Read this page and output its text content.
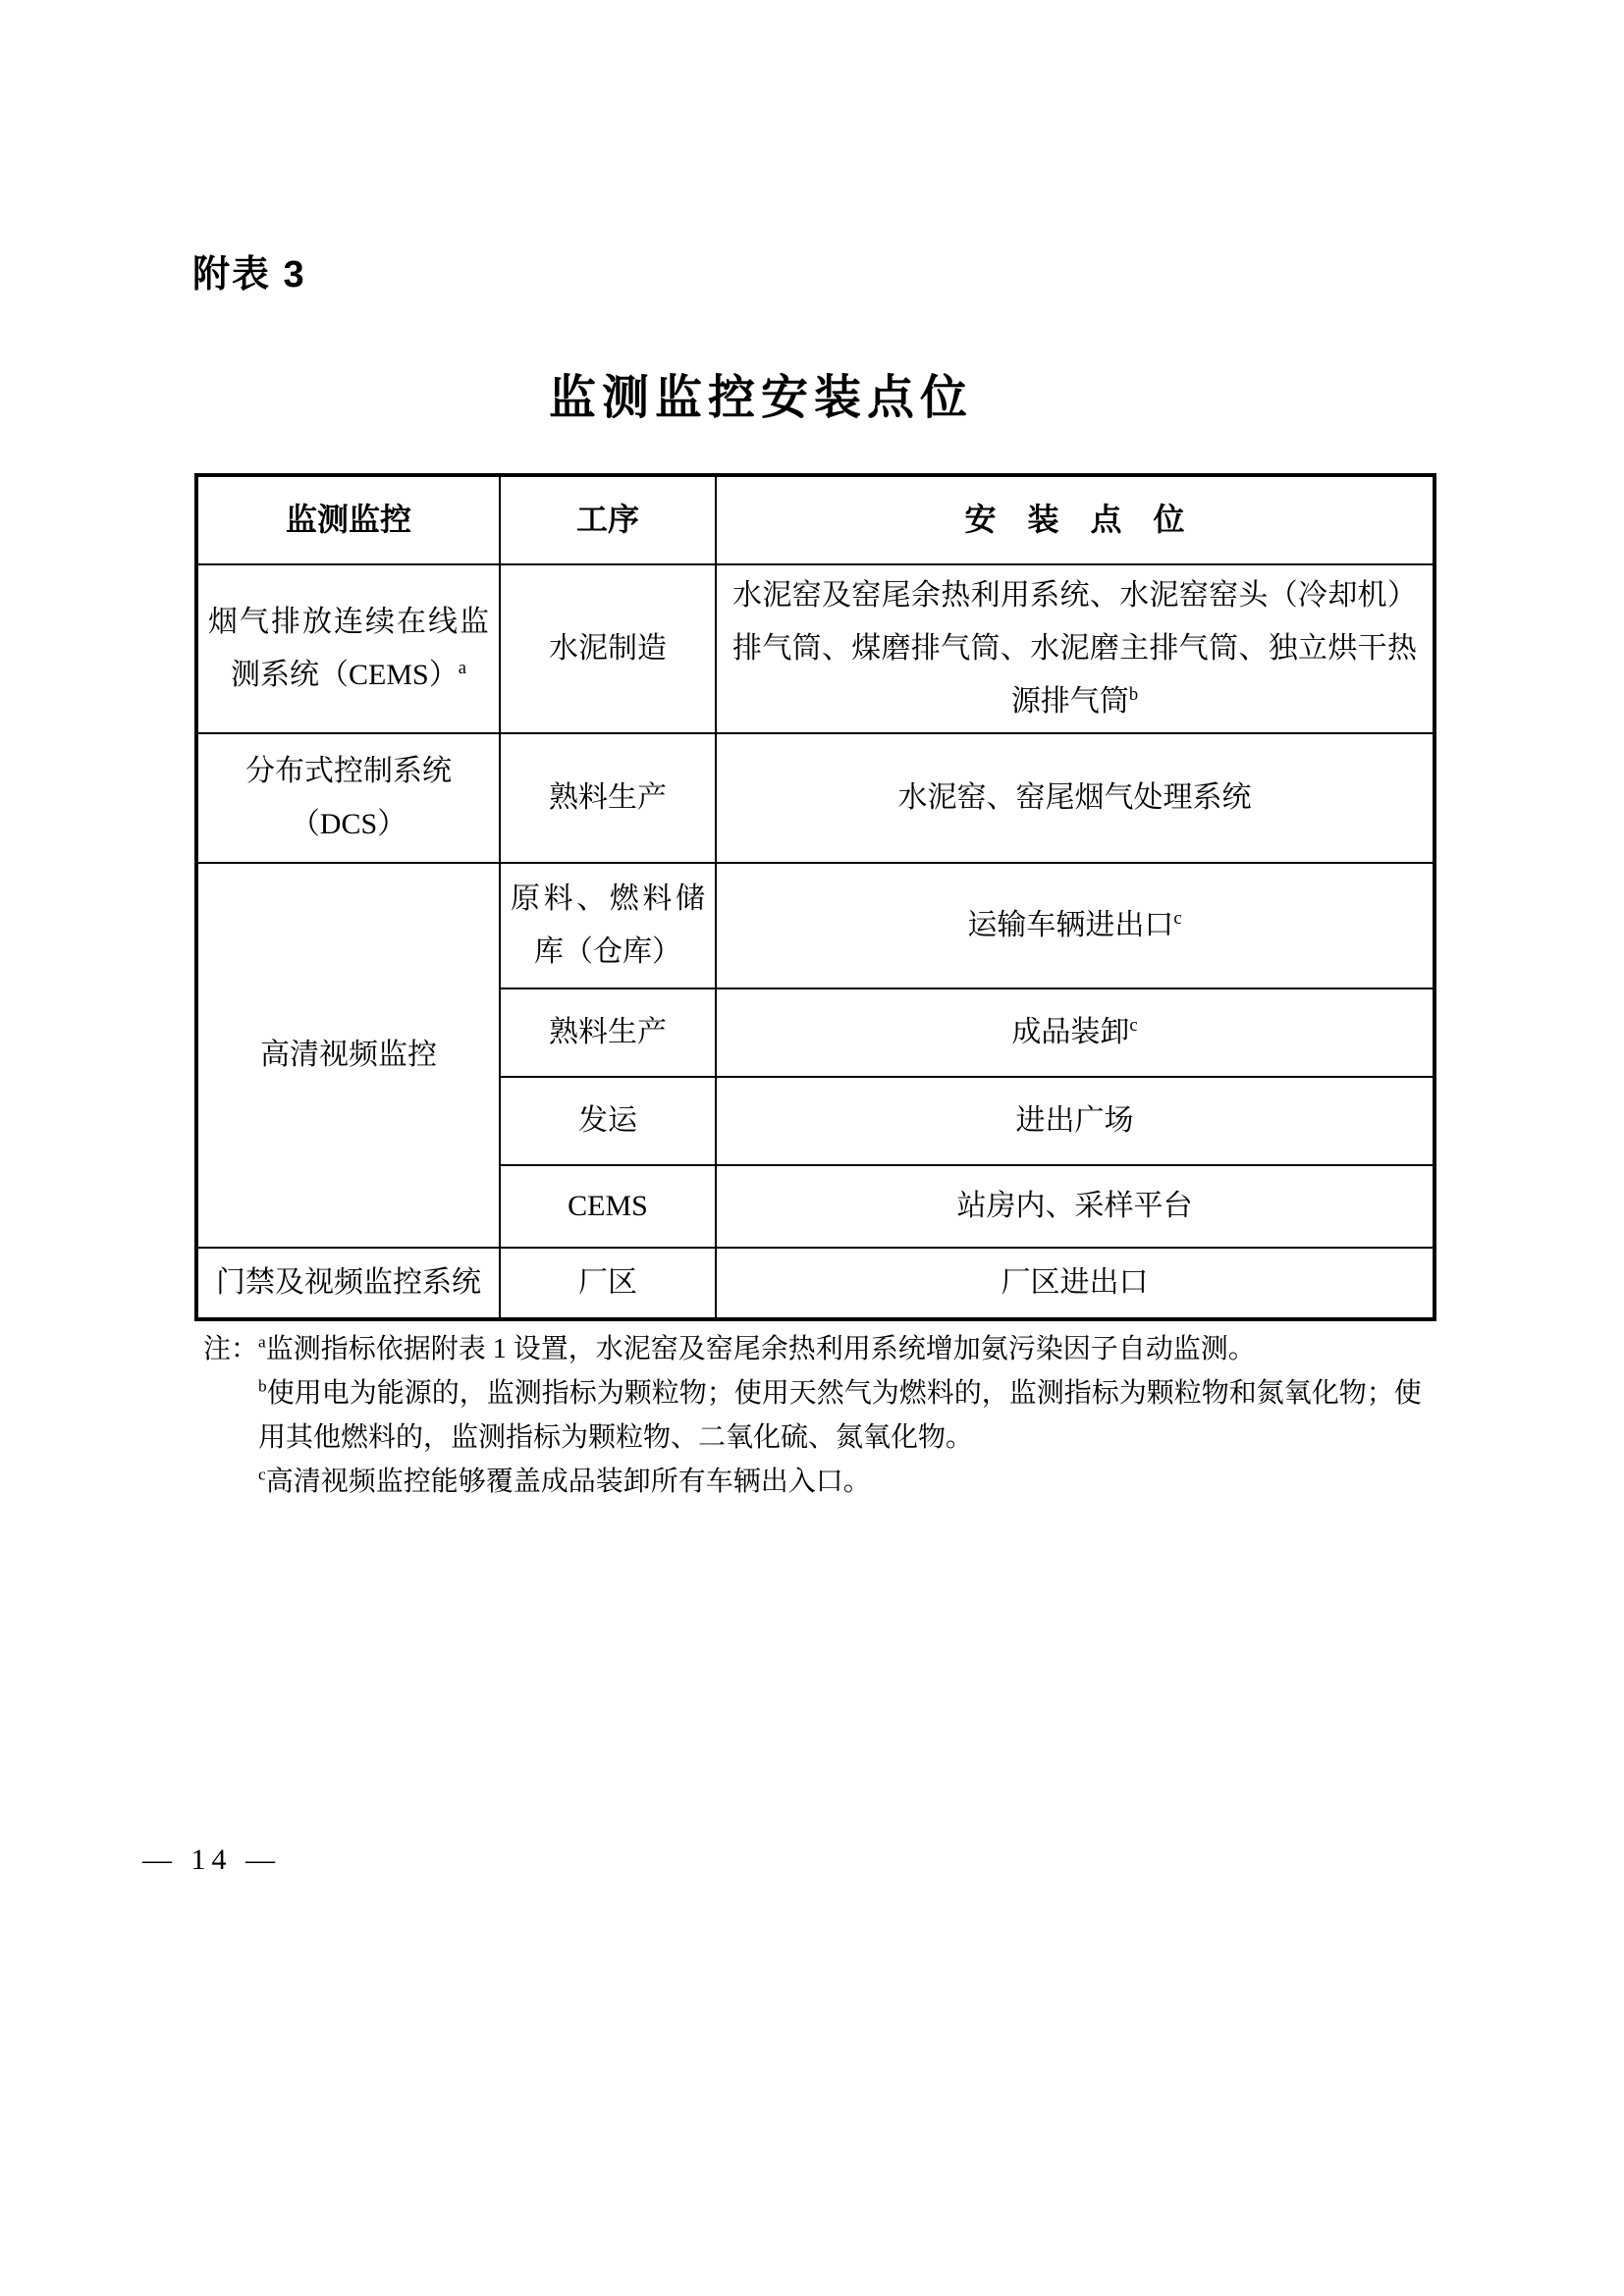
附表 3
监测监控安装点位
监测监控	工序	安　装　点　位
烟气排放连续在线监测系统（CEMS）$^a$	水泥制造	水泥窑及窑尾余热利用系统、水泥窑窑头（冷却机）排气筒、煤磨排气筒、水泥磨主排气筒、独立烘干热源排气筒$^b$
分布式控制系统（DCS）	熟料生产	水泥窑、窑尾烟气处理系统
高清视频监控	原料、燃料储库（仓库）	运输车辆进出口$^c$
	熟料生产	成品装卸$^c$
	发运	进出广场
	CEMS	站房内、采样平台
门禁及视频监控系统	厂区	厂区进出口
注：$^a$监测指标依据附表 1 设置，水泥窑及窑尾余热利用系统增加氨污染因子自动监测。
$^b$使用电为能源的，监测指标为颗粒物；使用天然气为燃料的，监测指标为颗粒物和氮氧化物；使用其他燃料的，监测指标为颗粒物、二氧化硫、氮氧化物。
$^c$高清视频监控能够覆盖成品装卸所有车辆出入口。
— 14 —
